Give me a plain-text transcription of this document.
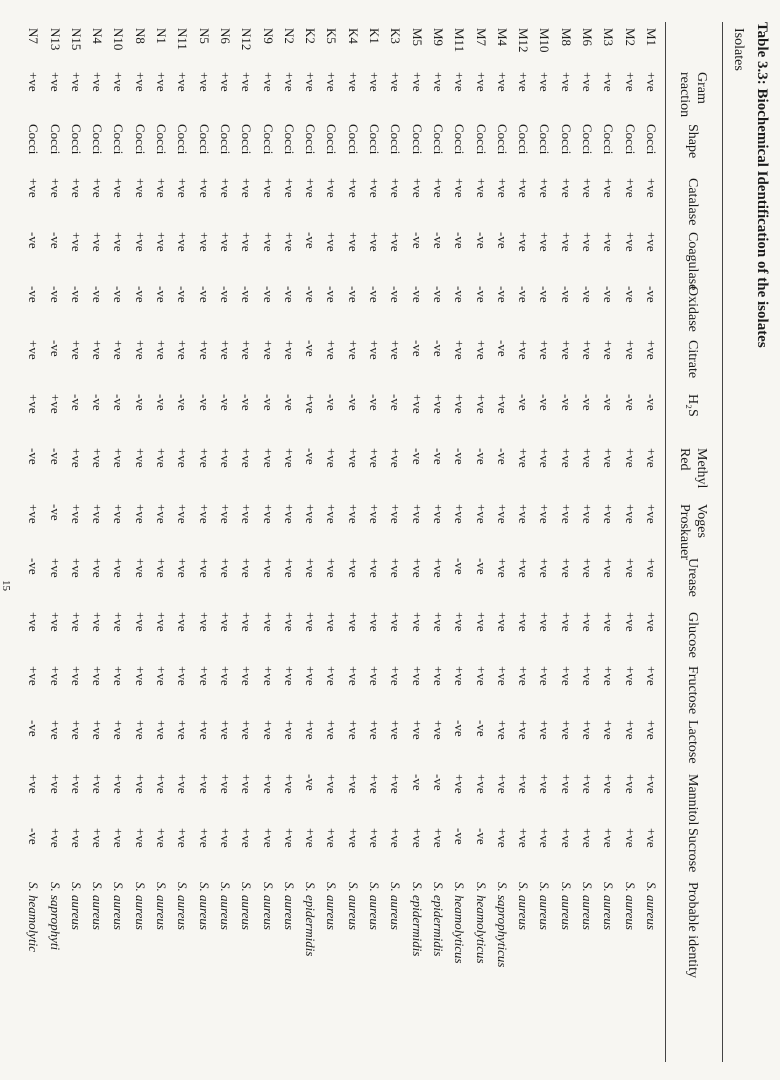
Table 3.3: Biochemical Identification of the isolates
Isolates
Gram reaction
Shape
Catalase
Coagulase
Oxidase
Citrate
H₂S
Methyl Red
Voges Proskauer
Urease
Glucose
Fructose
Lactose
Mannitol
Sucrose
Probable identity
M1
+ve
Cocci
+ve
+ve
-ve
+ve
-ve
+ve
+ve
+ve
+ve
+ve
+ve
+ve
+ve
S. aureus
M2
+ve
Cocci
+ve
+ve
-ve
+ve
-ve
+ve
+ve
+ve
+ve
+ve
+ve
+ve
+ve
S. aureus
M3
+ve
Cocci
+ve
+ve
-ve
+ve
-ve
+ve
+ve
+ve
+ve
+ve
+ve
+ve
+ve
S. aureus
M6
+ve
Cocci
+ve
+ve
-ve
+ve
-ve
+ve
+ve
+ve
+ve
+ve
+ve
+ve
+ve
S. aureus
M8
+ve
Cocci
+ve
+ve
-ve
+ve
-ve
+ve
+ve
+ve
+ve
+ve
+ve
+ve
+ve
S. aureus
M10
+ve
Cocci
+ve
+ve
-ve
+ve
-ve
+ve
+ve
+ve
+ve
+ve
+ve
+ve
+ve
S. aureus
M12
+ve
Cocci
+ve
+ve
-ve
+ve
-ve
+ve
+ve
+ve
+ve
+ve
+ve
+ve
+ve
S. aureus
M4
+ve
Cocci
+ve
-ve
-ve
-ve
+ve
-ve
+ve
+ve
+ve
+ve
+ve
+ve
+ve
S. saprophyticus
M7
+ve
Cocci
+ve
-ve
-ve
+ve
+ve
-ve
+ve
-ve
+ve
+ve
-ve
+ve
-ve
S. heamolyticus
M11
+ve
Cocci
+ve
-ve
-ve
+ve
+ve
-ve
+ve
-ve
+ve
+ve
-ve
+ve
-ve
S. heamolyticus
M9
+ve
Cocci
+ve
-ve
-ve
-ve
+ve
-ve
+ve
+ve
+ve
+ve
+ve
-ve
+ve
S. epidermidis
M5
+ve
Cocci
+ve
-ve
-ve
-ve
+ve
-ve
+ve
+ve
+ve
+ve
+ve
-ve
+ve
S. epidermidis
K3
+ve
Cocci
+ve
+ve
-ve
+ve
-ve
+ve
+ve
+ve
+ve
+ve
+ve
+ve
+ve
S. aureus
K1
+ve
Cocci
+ve
+ve
-ve
+ve
-ve
+ve
+ve
+ve
+ve
+ve
+ve
+ve
+ve
S. aureus
K4
+ve
Cocci
+ve
+ve
-ve
+ve
-ve
+ve
+ve
+ve
+ve
+ve
+ve
+ve
+ve
S. aureus
K5
+ve
Cocci
+ve
+ve
-ve
+ve
-ve
+ve
+ve
+ve
+ve
+ve
+ve
+ve
+ve
S. aureus
K2
+ve
Cocci
+ve
-ve
-ve
-ve
+ve
-ve
+ve
+ve
+ve
+ve
+ve
-ve
+ve
S. epidermidis
N2
+ve
Cocci
+ve
+ve
-ve
+ve
-ve
+ve
+ve
+ve
+ve
+ve
+ve
+ve
+ve
S. aureus
N9
+ve
Cocci
+ve
+ve
-ve
+ve
-ve
+ve
+ve
+ve
+ve
+ve
+ve
+ve
+ve
S. aureus
N12
+ve
Cocci
+ve
+ve
-ve
+ve
-ve
+ve
+ve
+ve
+ve
+ve
+ve
+ve
+ve
S. aureus
N6
+ve
Cocci
+ve
+ve
-ve
+ve
-ve
+ve
+ve
+ve
+ve
+ve
+ve
+ve
+ve
S. aureus
N5
+ve
Cocci
+ve
+ve
-ve
+ve
-ve
+ve
+ve
+ve
+ve
+ve
+ve
+ve
+ve
S. aureus
N11
+ve
Cocci
+ve
+ve
-ve
+ve
-ve
+ve
+ve
+ve
+ve
+ve
+ve
+ve
+ve
S. aureus
N1
+ve
Cocci
+ve
+ve
-ve
+ve
-ve
+ve
+ve
+ve
+ve
+ve
+ve
+ve
+ve
S. aureus
N8
+ve
Cocci
+ve
+ve
-ve
+ve
-ve
+ve
+ve
+ve
+ve
+ve
+ve
+ve
+ve
S. aureus
N10
+ve
Cocci
+ve
+ve
-ve
+ve
-ve
+ve
+ve
+ve
+ve
+ve
+ve
+ve
+ve
S. aureus
N4
+ve
Cocci
+ve
+ve
-ve
+ve
-ve
+ve
+ve
+ve
+ve
+ve
+ve
+ve
+ve
S. aureus
N15
+ve
Cocci
+ve
+ve
-ve
+ve
-ve
+ve
+ve
+ve
+ve
+ve
+ve
+ve
+ve
S. aureus
N13
+ve
Cocci
+ve
-ve
-ve
-ve
+ve
-ve
-ve
+ve
+ve
+ve
+ve
+ve
+ve
S. saprophyti
N7
+ve
Cocci
+ve
-ve
-ve
+ve
+ve
-ve
+ve
-ve
+ve
+ve
-ve
+ve
-ve
S. heamolytic
15
